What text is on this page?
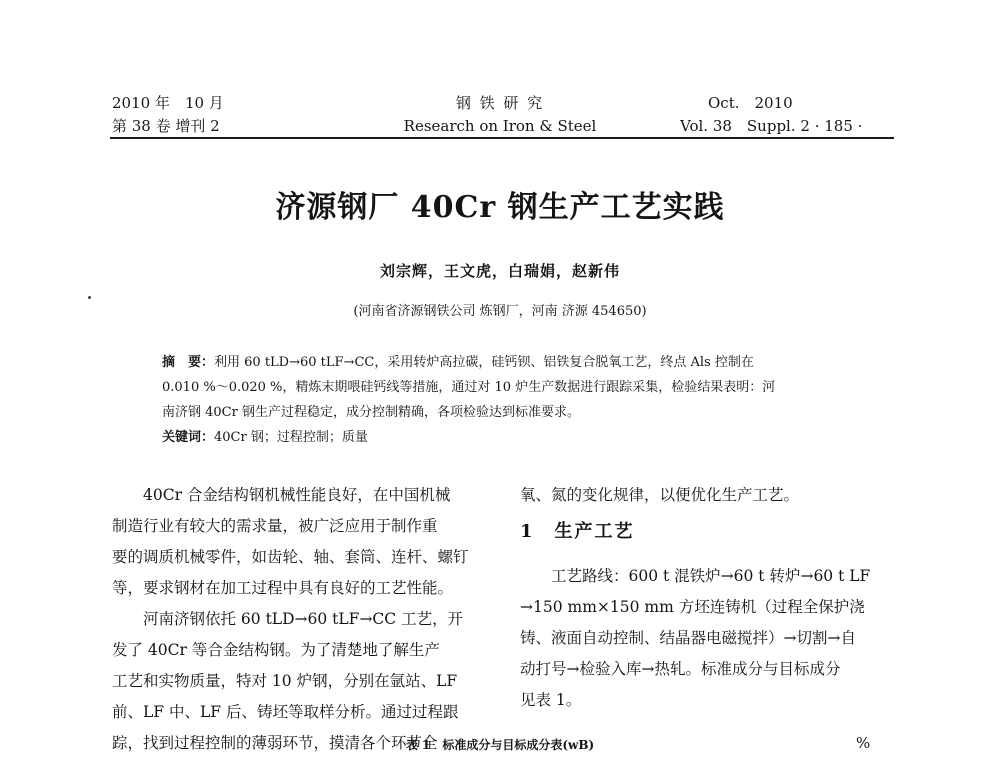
2010 年　10 月
第 38 卷 增刊 2
钢 铁 研 究
Research on Iron & Steel
Oct.　2010
Vol. 38　Suppl. 2 · 185 ·
济源钢厂 40Cr 钢生产工艺实践
刘宗辉，王文虎，白瑞娟，赵新伟
(河南省济源钢铁公司 炼钢厂，河南 济源 454650)
摘　要：利用 60 tLD→60 tLF→CC，采用转炉高拉碳，硅钙钡、铝铁复合脱氧工艺，终点 Als 控制在
0.010 %～0.020 %，精炼末期喂硅钙线等措施，通过对 10 炉生产数据进行跟踪采集，检验结果表明：河
南济钢 40Cr 钢生产过程稳定，成分控制精确，各项检验达到标准要求。
关键词：40Cr 钢；过程控制；质量
　　40Cr 合金结构钢机械性能良好，在中国机械
制造行业有较大的需求量，被广泛应用于制作重
要的调质机械零件，如齿轮、轴、套筒、连杆、螺钉
等，要求钢材在加工过程中具有良好的工艺性能。
　　河南济钢依托 60 tLD→60 tLF→CC 工艺，开
发了 40Cr 等合金结构钢。为了清楚地了解生产
工艺和实物质量，特对 10 炉钢，分别在氩站、LF
前、LF 中、LF 后、铸坯等取样分析。通过过程跟
踪，找到过程控制的薄弱环节，摸清各个环节全
氧、氮的变化规律，以便优化生产工艺。
1　生产工艺
　　工艺路线：600 t 混铁炉→60 t 转炉→60 t LF
→150 mm×150 mm 方坯连铸机（过程全保护浇
铸、液面自动控制、结晶器电磁搅拌）→切割→自
动打号→检验入库→热轧。标准成分与目标成分
见表 1。
表 1　标准成分与目标成分表(wB)	%
